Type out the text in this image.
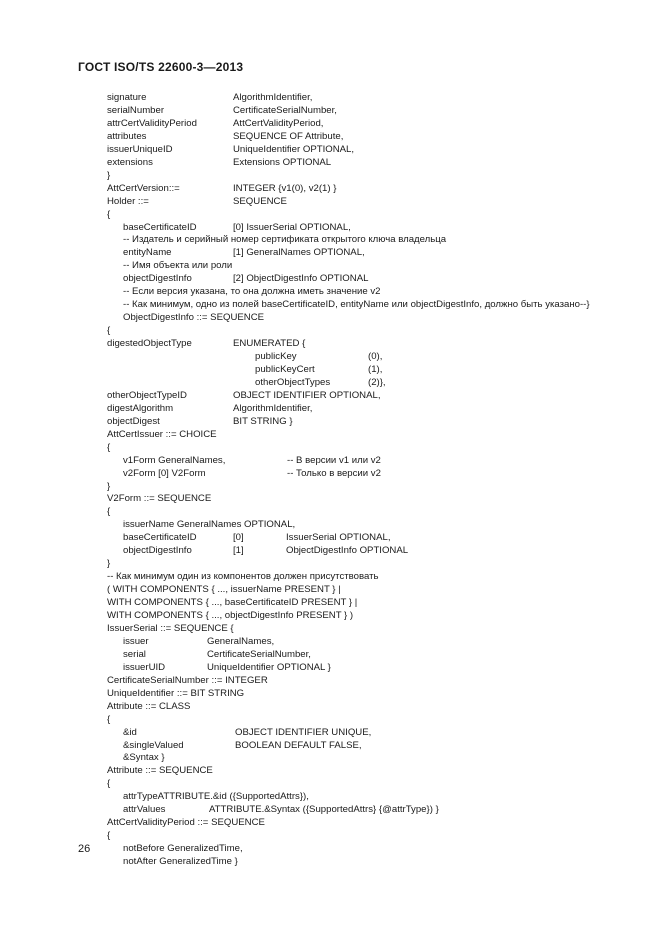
ГОСТ ISO/TS 22600-3—2013
signature	AlgorithmIdentifier,
serialNumber	CertificateSerialNumber,
attrCertValidityPeriod	AttCertValidityPeriod,
attributes	SEQUENCE OF Attribute,
issuerUniqueID	UniqueIdentifier OPTIONAL,
extensions	Extensions OPTIONAL
}
AttCertVersion::=	INTEGER {v1(0), v2(1) }
Holder ::=	SEQUENCE
{
baseCertificateID	[0] IssuerSerial OPTIONAL,
-- Издатель и серийный номер сертификата открытого ключа владельца
entityName	[1] GeneralNames OPTIONAL,
-- Имя объекта или роли
objectDigestInfo	[2] ObjectDigestInfo OPTIONAL
-- Если версия указана, то она должна иметь значение v2
-- Как минимум, одно из полей baseCertificateID, entityName или objectDigestInfo, должно быть указано--}
ObjectDigestInfo ::= SEQUENCE
{
digestedObjectType	ENUMERATED {
publicKey	(0),
publicKeyCert	(1),
otherObjectTypes	(2)},
otherObjectTypeID	OBJECT IDENTIFIER OPTIONAL,
digestAlgorithm	AlgorithmIdentifier,
objectDigest	BIT STRING }
AttCertIssuer ::= CHOICE
{
v1Form GeneralNames,	-- В версии v1 или v2
v2Form [0] V2Form	-- Только в версии v2
}
V2Form ::= SEQUENCE
{
issuerName GeneralNames OPTIONAL,
baseCertificateID	[0]	IssuerSerial OPTIONAL,
objectDigestInfo	[1]	ObjectDigestInfo OPTIONAL
}
-- Как минимум один из компонентов должен присутствовать
( WITH COMPONENTS { ..., issuerName PRESENT } |
WITH COMPONENTS { ..., baseCertificateID PRESENT } |
WITH COMPONENTS { ..., objectDigestInfo PRESENT } )
IssuerSerial ::= SEQUENCE {
issuer	GeneralNames,
serial	CertificateSerialNumber,
issuerUID	UniqueIdentifier OPTIONAL }
CertificateSerialNumber ::= INTEGER
UniqueIdentifier ::= BIT STRING
Attribute ::= CLASS
{
&id	OBJECT IDENTIFIER UNIQUE,
&singleValued	BOOLEAN DEFAULT FALSE,
&Syntax }
Attribute ::= SEQUENCE
{
attrTypeATTRIBUTE.&id ({SupportedAttrs}),
attrValues	ATTRIBUTE.&Syntax ({SupportedAttrs} {@attrType}) }
AttCertValidityPeriod ::= SEQUENCE
{
notBefore GeneralizedTime,
notAfter GeneralizedTime }
26
